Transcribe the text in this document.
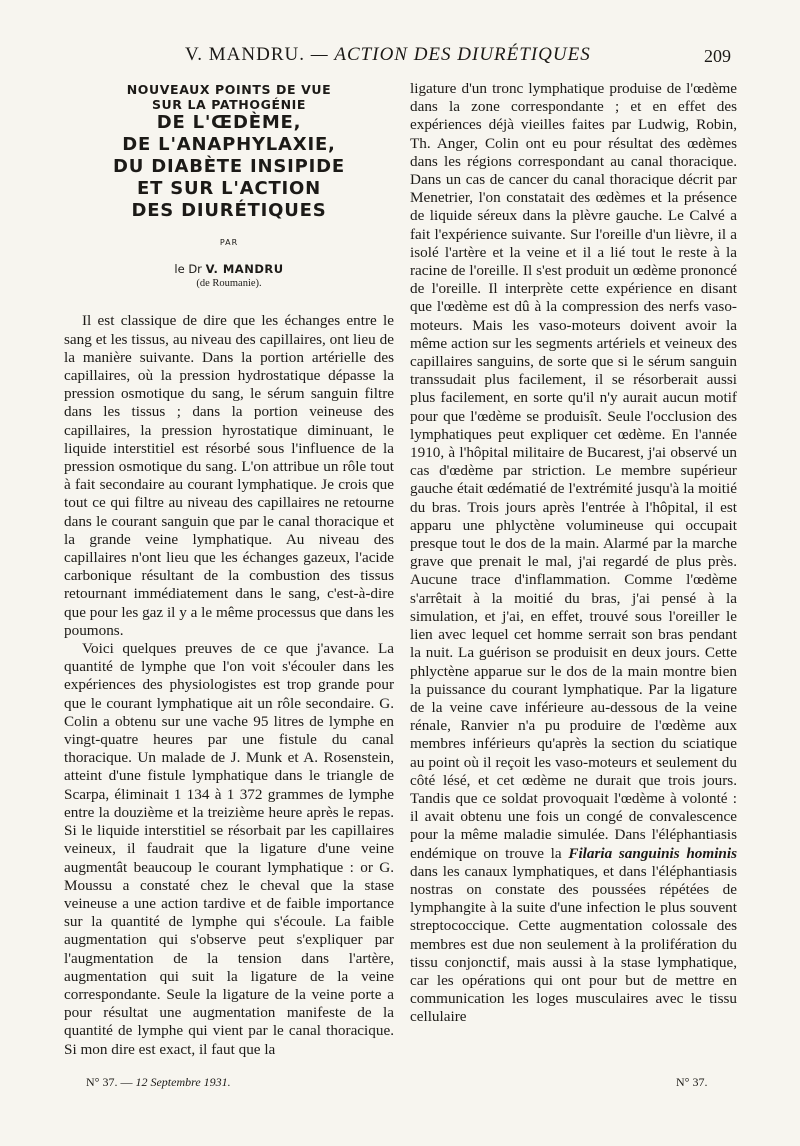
V. MANDRU. — ACTION DES DIURÉTIQUES	209
NOUVEAUX POINTS DE VUE
SUR LA PATHOGÉNIE
DE L'ŒDÈME,
DE L'ANAPHYLAXIE,
DU DIABÈTE INSIPIDE
ET SUR L'ACTION
DES DIURÉTIQUES
PAR
le Dr V. MANDRU
(de Roumanie).

Il est classique de dire que les échanges entre le sang et les tissus, au niveau des capillaires, ont lieu de la manière suivante. Dans la portion artérielle des capillaires, où la pression hydrostatique dépasse la pression osmotique du sang, le sérum sanguin filtre dans les tissus ; dans la portion veineuse des capillaires, la pression hyrostatique diminuant, le liquide interstitiel est résorbé sous l'influence de la pression osmotique du sang. L'on attribue un rôle tout à fait secondaire au courant lymphatique. Je crois que tout ce qui filtre au niveau des capillaires ne retourne dans le courant sanguin que par le canal thoracique et la grande veine lymphatique. Au niveau des capillaires n'ont lieu que les échanges gazeux, l'acide carbonique résultant de la combustion des tissus retournant immédiatement dans le sang, c'est-à-dire que pour les gaz il y a le même processus que dans les poumons.

Voici quelques preuves de ce que j'avance. La quantité de lymphe que l'on voit s'écouler dans les expériences des physiologistes est trop grande pour que le courant lymphatique ait un rôle secondaire. G. Colin a obtenu sur une vache 95 litres de lymphe en vingt-quatre heures par une fistule du canal thoracique. Un malade de J. Munk et A. Rosenstein, atteint d'une fistule lymphatique dans le triangle de Scarpa, éliminait 1 134 à 1 372 grammes de lymphe entre la douzième et la treizième heure après le repas. Si le liquide interstitiel se résorbait par les capillaires veineux, il faudrait que la ligature d'une veine augmentât beaucoup le courant lymphatique : or G. Moussu a constaté chez le cheval que la stase veineuse a une action tardive et de faible importance sur la quantité de lymphe qui s'écoule. La faible augmentation qui s'observe peut s'expliquer par l'augmentation de la tension dans l'artère, augmentation qui suit la ligature de la veine correspondante. Seule la ligature de la veine porte a pour résultat une augmentation manifeste de la quantité de lymphe qui vient par le canal thoracique. Si mon dire est exact, il faut que la

ligature d'un tronc lymphatique produise de l'œdème dans la zone correspondante ; et en effet des expériences déjà vieilles faites par Ludwig, Robin, Th. Anger, Colin ont eu pour résultat des œdèmes dans les régions correspondant au canal thoracique. Dans un cas de cancer du canal thoracique décrit par Menetrier, l'on constatait des œdèmes et la présence de liquide séreux dans la plèvre gauche. Le Calvé a fait l'expérience suivante. Sur l'oreille d'un lièvre, il a isolé l'artère et la veine et il a lié tout le reste à la racine de l'oreille. Il s'est produit un œdème prononcé de l'oreille. Il interprète cette expérience en disant que l'œdème est dû à la compression des nerfs vaso-moteurs. Mais les vaso-moteurs doivent avoir la même action sur les segments artériels et veineux des capillaires sanguins, de sorte que si le sérum sanguin transsudait plus facilement, il se résorberait aussi plus facilement, en sorte qu'il n'y aurait aucun motif pour que l'œdème se produisît. Seule l'occlusion des lymphatiques peut expliquer cet œdème. En l'année 1910, à l'hôpital militaire de Bucarest, j'ai observé un cas d'œdème par striction. Le membre supérieur gauche était œdématié de l'extrémité jusqu'à la moitié du bras. Trois jours après l'entrée à l'hôpital, il est apparu une phlyctène volumineuse qui occupait presque tout le dos de la main. Alarmé par la marche grave que prenait le mal, j'ai regardé de plus près. Aucune trace d'inflammation. Comme l'œdème s'arrêtait à la moitié du bras, j'ai pensé à la simulation, et j'ai, en effet, trouvé sous l'oreiller le lien avec lequel cet homme serrait son bras pendant la nuit. La guérison se produisit en deux jours. Cette phlyctène apparue sur le dos de la main montre bien la puissance du courant lymphatique. Par la ligature de la veine cave inférieure au-dessous de la veine rénale, Ranvier n'a pu produire de l'œdème aux membres inférieurs qu'après la section du sciatique au point où il reçoit les vaso-moteurs et seulement du côté lésé, et cet œdème ne durait que trois jours. Tandis que ce soldat provoquait l'œdème à volonté : il avait obtenu une fois un congé de convalescence pour la même maladie simulée. Dans l'éléphantiasis endémique on trouve la Filaria sanguinis hominis dans les canaux lymphatiques, et dans l'éléphantiasis nostras on constate des poussées répétées de lymphangite à la suite d'une infection le plus souvent streptococcique. Cette augmentation colossale des membres est due non seulement à la prolifération du tissu conjonctif, mais aussi à la stase lymphatique, car les opérations qui ont pour but de mettre en communication les loges musculaires avec le tissu cellulaire

N° 37. — 12 Septembre 1931.	N° 37.
